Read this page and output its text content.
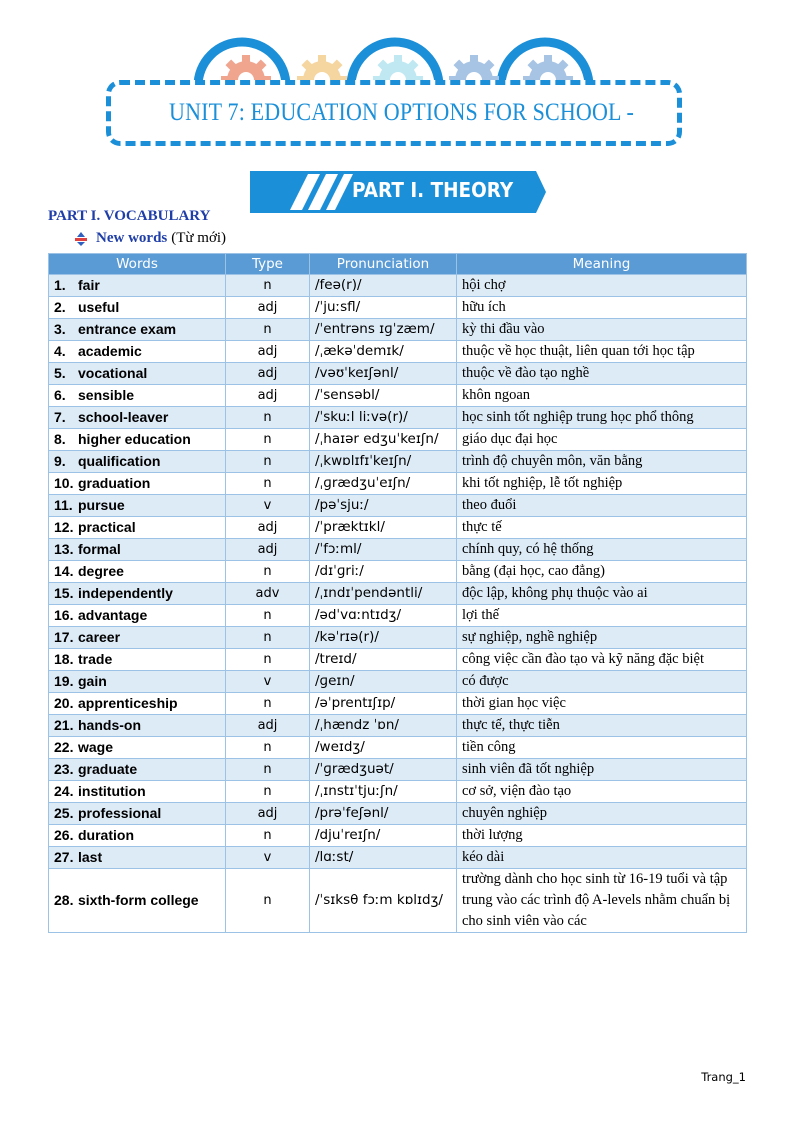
UNIT 7: EDUCATION OPTIONS FOR SCHOOL -
PART I. THEORY
PART I. VOCABULARY
New words (Từ mới)
Words	Type	Pronunciation	Meaning
1. fair	n	/feə(r)/	hội chợ
2. useful	adj	/ˈjuːsfl/	hữu ích
3. entrance exam	n	/ˈentrəns ɪɡˈzæm/	kỳ thi đầu vào
4. academic	adj	/ˌækəˈdemɪk/	thuộc về học thuật, liên quan tới học tập
5. vocational	adj	/vəʊˈkeɪʃənl/	thuộc về đào tạo nghề
6. sensible	adj	/ˈsensəbl/	khôn ngoan
7. school-leaver	n	/ˈskuːl liːvə(r)/	học sinh tốt nghiệp trung học phổ thông
8. higher education	n	/ˌhaɪər edʒuˈkeɪʃn/	giáo dục đại học
9. qualification	n	/ˌkwɒlɪfɪˈkeɪʃn/	trình độ chuyên môn, văn bằng
10. graduation	n	/ˌɡrædʒuˈeɪʃn/	khi tốt nghiệp, lễ tốt nghiệp
11. pursue	v	/pəˈsjuː/	theo đuổi
12. practical	adj	/ˈpræktɪkl/	thực tế
13. formal	adj	/ˈfɔːml/	chính quy, có hệ thống
14. degree	n	/dɪˈɡriː/	bằng (đại học, cao đẳng)
15. independently	adv	/ˌɪndɪˈpendəntli/	độc lập, không phụ thuộc vào ai
16. advantage	n	/ədˈvɑːntɪdʒ/	lợi thế
17. career	n	/kəˈrɪə(r)/	sự nghiệp, nghề nghiệp
18. trade	n	/treɪd/	công việc cần đào tạo và kỹ năng đặc biệt
19. gain	v	/ɡeɪn/	có được
20. apprenticeship	n	/əˈprentɪʃɪp/	thời gian học việc
21. hands-on	adj	/ˌhændz ˈɒn/	thực tế, thực tiễn
22. wage	n	/weɪdʒ/	tiền công
23. graduate	n	/ˈɡrædʒuət/	sinh viên đã tốt nghiệp
24. institution	n	/ˌɪnstɪˈtjuːʃn/	cơ sở, viện đào tạo
25. professional	adj	/prəˈfeʃənl/	chuyên nghiệp
26. duration	n	/djuˈreɪʃn/	thời lượng
27. last	v	/lɑːst/	kéo dài
28. sixth-form college	n	/ˈsɪksθ fɔːm kɒlɪdʒ/	trường dành cho học sinh từ 16-19 tuổi và tập trung vào các trình độ A-levels nhằm chuẩn bị cho sinh viên vào các
Trang_1
